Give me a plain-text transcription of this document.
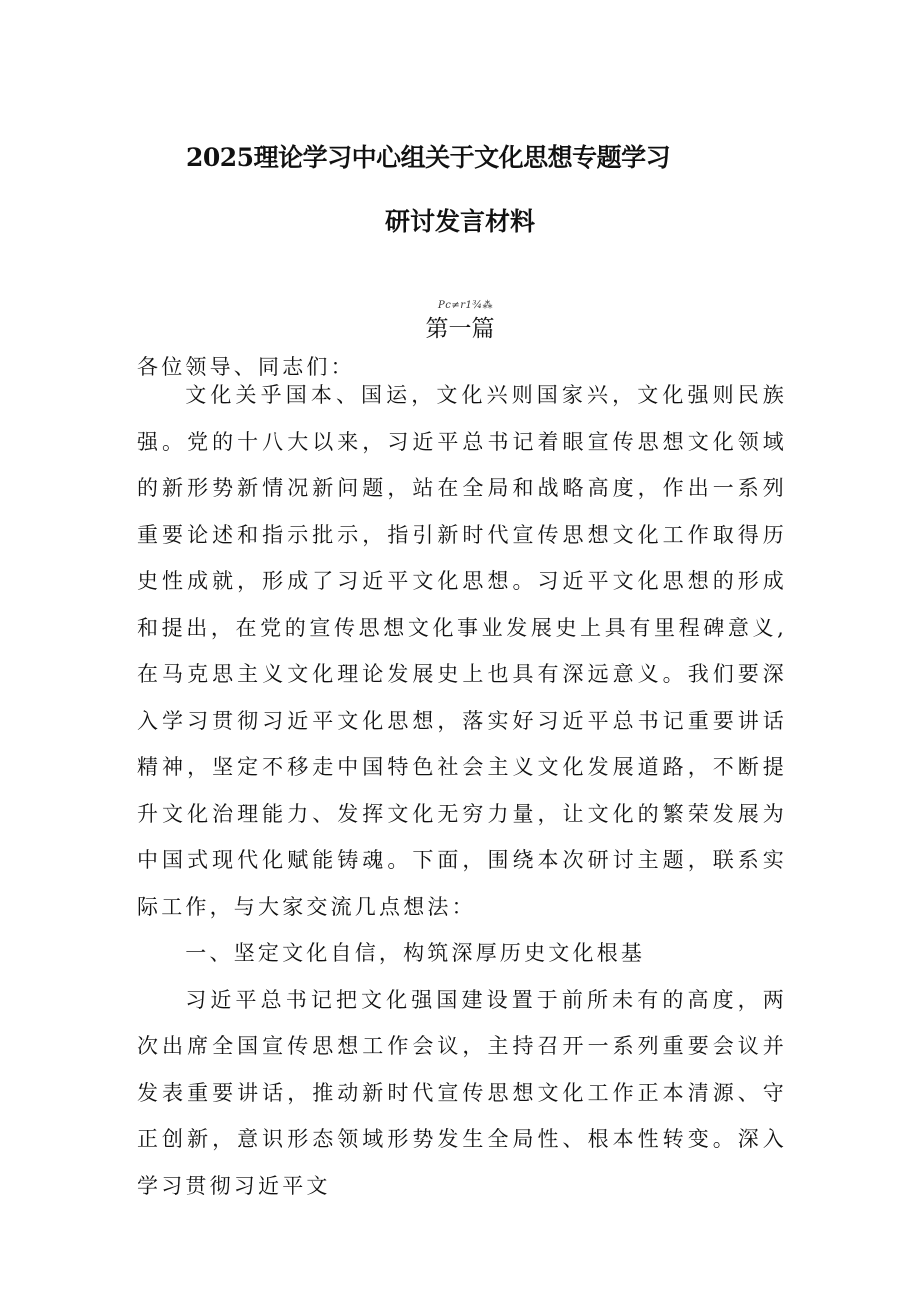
2025理论学习中心组关于文化思想专题学习
研讨发言材料
Pc≠r1¾⁂
第一篇
各位领导、同志们：

文化关乎国本、国运，文化兴则国家兴，文化强则民族强。党的十八大以来，习近平总书记着眼宣传思想文化领域的新形势新情况新问题，站在全局和战略高度，作出一系列重要论述和指示批示，指引新时代宣传思想文化工作取得历史性成就，形成了习近平文化思想。习近平文化思想的形成和提出，在党的宣传思想文化事业发展史上具有里程碑意义,在马克思主义文化理论发展史上也具有深远意义。我们要深入学习贯彻习近平文化思想，落实好习近平总书记重要讲话精神，坚定不移走中国特色社会主义文化发展道路，不断提升文化治理能力、发挥文化无穷力量，让文化的繁荣发展为中国式现代化赋能铸魂。下面，围绕本次研讨主题，联系实际工作，与大家交流几点想法：

一、坚定文化自信，构筑深厚历史文化根基

习近平总书记把文化强国建设置于前所未有的高度，两次出席全国宣传思想工作会议，主持召开一系列重要会议并发表重要讲话，推动新时代宣传思想文化工作正本清源、守正创新，意识形态领域形势发生全局性、根本性转变。深入学习贯彻习近平文
